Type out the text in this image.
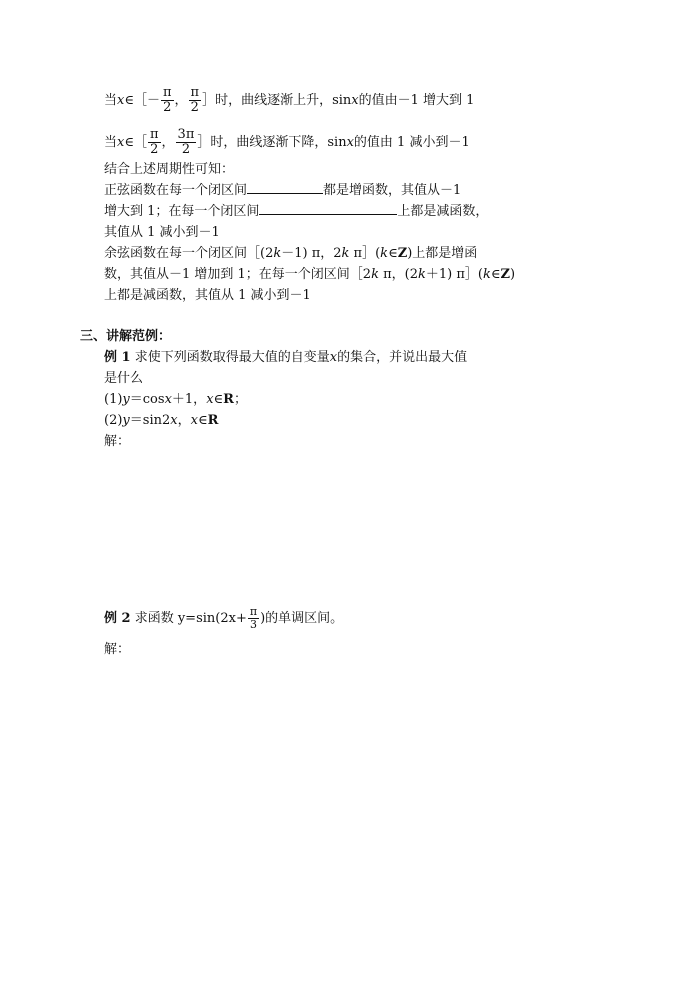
当x∈［－ $\frac{\pi}{2}$ ， $\frac{\pi}{2}$ ］时，曲线逐渐上升，sinx的值由－1 增大到 1
当x∈［ $\frac{\pi}{2}$ ， $\frac{3\pi}{2}$ ］时，曲线逐渐下降，sinx的值由 1 减小到－1
结合上述周期性可知：
正弦函数在每一个闭区间	都是增函数，其值从－1
增大到 1；在每一个闭区间	上都是减函数，
其值从 1 减小到－1
余弦函数在每一个闭区间［(2k－1) π，2k π］(k∈Z)上都是增函
数，其值从－1 增加到 1；在每一个闭区间［2k π，(2k＋1) π］(k∈Z)
上都是减函数，其值从 1 减小到－1
三、讲解范例：
例 1 求使下列函数取得最大值的自变量x的集合，并说出最大值
是什么
(1)y＝cosx＋1，x∈R；
(2)y＝sin2x，x∈R
解：
例 2 求函数 $y=\sin(2x+ \frac{\pi}{3}$ )的单调区间。
解：
